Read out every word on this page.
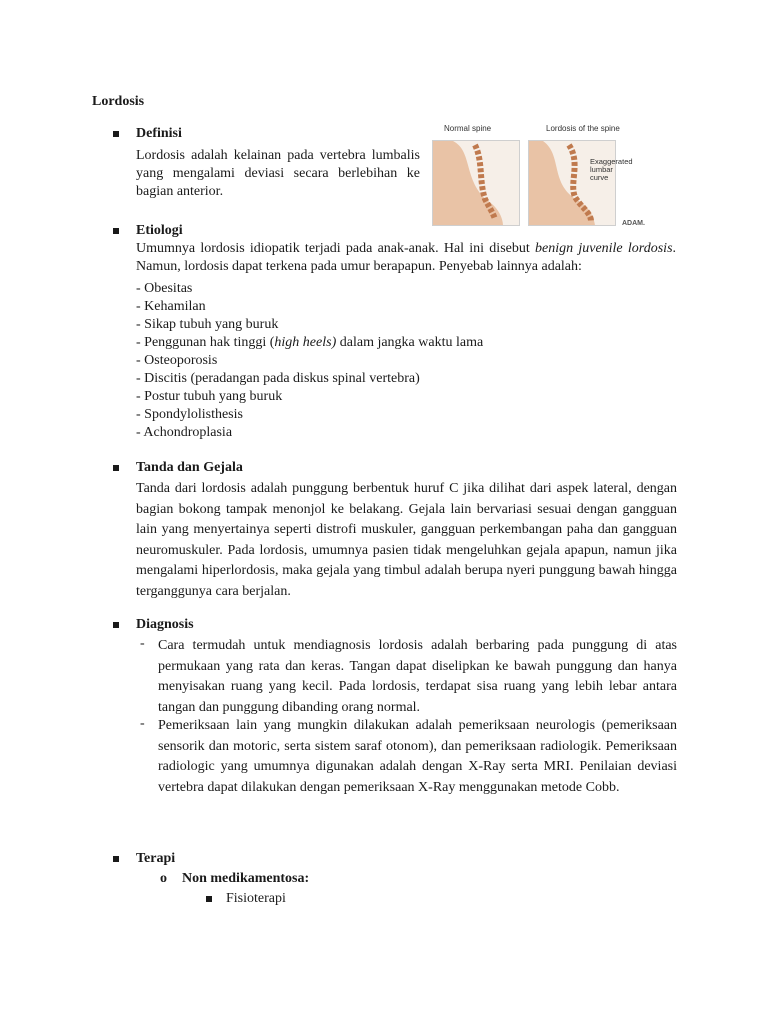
Lordosis
Normal spine	Lordosis of the spine
Exaggerated
lumbar
curve
ADAM.
Definisi
Lordosis adalah kelainan pada vertebra lumbalis yang mengalami deviasi secara berlebihan ke bagian anterior.
Etiologi
Umumnya lordosis idiopatik terjadi pada anak-anak. Hal ini disebut benign juvenile lordosis. Namun, lordosis dapat terkena pada umur berapapun. Penyebab lainnya adalah:
- Obesitas
- Kehamilan
- Sikap tubuh yang buruk
- Penggunan hak tinggi (high heels) dalam jangka waktu lama
- Osteoporosis
- Discitis (peradangan pada diskus spinal vertebra)
- Postur tubuh yang buruk
- Spondylolisthesis
- Achondroplasia
Tanda dan Gejala
Tanda dari lordosis adalah punggung berbentuk huruf C jika dilihat dari aspek lateral, dengan bagian bokong tampak menonjol ke belakang. Gejala lain bervariasi sesuai dengan gangguan lain yang menyertainya seperti distrofi muskuler, gangguan perkembangan paha dan gangguan neuromuskuler. Pada lordosis, umumnya pasien tidak mengeluhkan gejala apapun, namun jika mengalami hiperlordosis, maka gejala yang timbul adalah berupa nyeri punggung bawah hingga terganggunya cara berjalan.
Diagnosis
- Cara termudah untuk mendiagnosis lordosis adalah berbaring pada punggung di atas permukaan yang rata dan keras. Tangan dapat diselipkan ke bawah punggung dan hanya menyisakan ruang yang kecil. Pada lordosis, terdapat sisa ruang yang lebih lebar antara tangan dan punggung dibanding orang normal.
- Pemeriksaan lain yang mungkin dilakukan adalah pemeriksaan neurologis (pemeriksaan sensorik dan motoric, serta sistem saraf otonom), dan pemeriksaan radiologik. Pemeriksaan radiologic yang umumnya digunakan adalah dengan X-Ray serta MRI. Penilaian deviasi vertebra dapat dilakukan dengan pemeriksaan X-Ray menggunakan metode Cobb.
Terapi
o Non medikamentosa:
Fisioterapi
